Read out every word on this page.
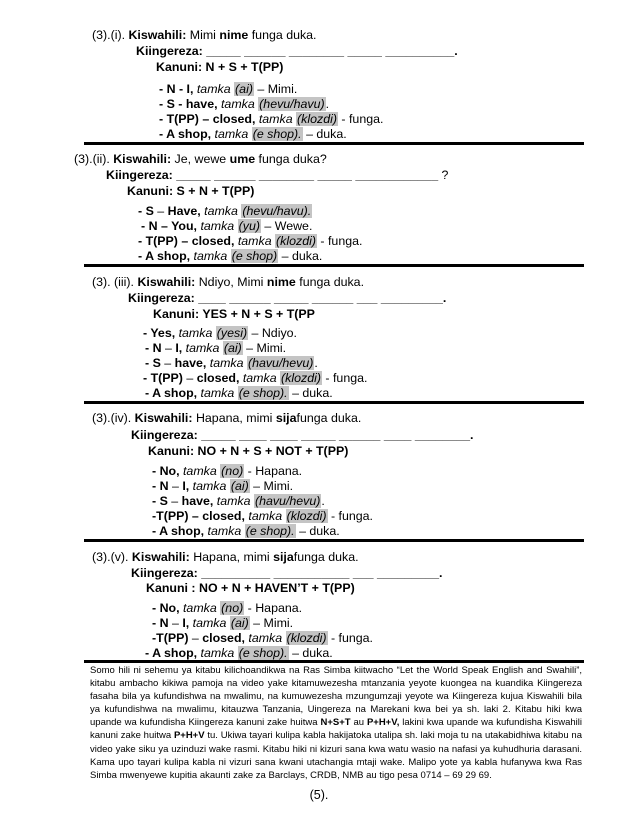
(3).(i). Kiswahili: Mimi nime funga duka.
Kiingereza: _____ ______ ________ _____ __________.
Kanuni: N + S + T(PP)
- N - I, tamka (ai) – Mimi.
- S - have, tamka (hevu/havu).
- T(PP) – closed, tamka (klozdi) - funga.
- A shop, tamka (e shop). – duka.
(3).(ii). Kiswahili: Je, wewe ume funga duka?
Kiingereza: _____ ______ ________ _____ ____________ ?
Kanuni: S + N + T(PP)
- S – Have, tamka (hevu/havu).
- N – You, tamka (yu) – Wewe.
- T(PP) – closed, tamka (klozdi) - funga.
- A shop, tamka (e shop) – duka.
(3). (iii). Kiswahili: Ndiyo, Mimi nime funga duka.
Kiingereza: ____ ______ _____ ______ ___ _________.
Kanuni: YES + N + S + T(PP
- Yes, tamka (yesi) – Ndiyo.
- N – I, tamka (ai) – Mimi.
- S – have, tamka (havu/hevu).
- T(PP) – closed, tamka (klozdi) - funga.
- A shop, tamka (e shop). – duka.
(3).(iv). Kiswahili: Hapana, mimi sijafunga duka.
Kiingereza: _____ ____ ____ _____ ______ ____ ________.
Kanuni: NO + N + S + NOT + T(PP)
- No, tamka (no) - Hapana.
- N – I, tamka (ai) – Mimi.
- S – have, tamka (havu/hevu).
-T(PP) – closed, tamka (klozdi) - funga.
- A shop, tamka (e shop). – duka.
(3).(v). Kiswahili: Hapana, mimi sijafunga duka.
Kiingereza: __________ ___________ ___ _________.
Kanuni : NO + N + HAVEN’T + T(PP)
- No, tamka (no) - Hapana.
- N – I, tamka (ai) – Mimi.
-T(PP) – closed, tamka (klozdi) - funga.
- A shop, tamka (e shop). – duka.
Somo hili ni sehemu ya kitabu kilichoandikwa na Ras Simba kiitwacho “Let the World Speak English and Swahili”, kitabu ambacho kikiwa pamoja na video yake kitamuwezesha mtanzania yeyote kuongea na kuandika Kiingereza fasaha bila ya kufundishwa na mwalimu, na kumuwezesha mzungumzaji yeyote wa Kiingereza kujua Kiswahili bila ya kufundishwa na mwalimu, kitauzwa Tanzania, Uingereza na Marekani kwa bei ya sh. laki 2. Kitabu hiki kwa upande wa kufundisha Kiingereza kanuni zake huitwa N+S+T au P+H+V, lakini kwa upande wa kufundisha Kiswahili kanuni zake huitwa P+H+V tu. Ukiwa tayari kulipa kabla hakijatoka utalipa sh. laki moja tu na utakabidhiwa kitabu na video yake siku ya uzinduzi wake rasmi. Kitabu hiki ni kizuri sana kwa watu wasio na nafasi ya kuhudhuria darasani. Kama upo tayari kulipa kabla ni vizuri sana kwani utachangia mtaji wake. Malipo yote ya kabla hufanywa kwa Ras Simba mwenyewe kupitia akaunti zake za Barclays, CRDB, NMB au tigo pesa 0714 – 69 29 69.
(5).
